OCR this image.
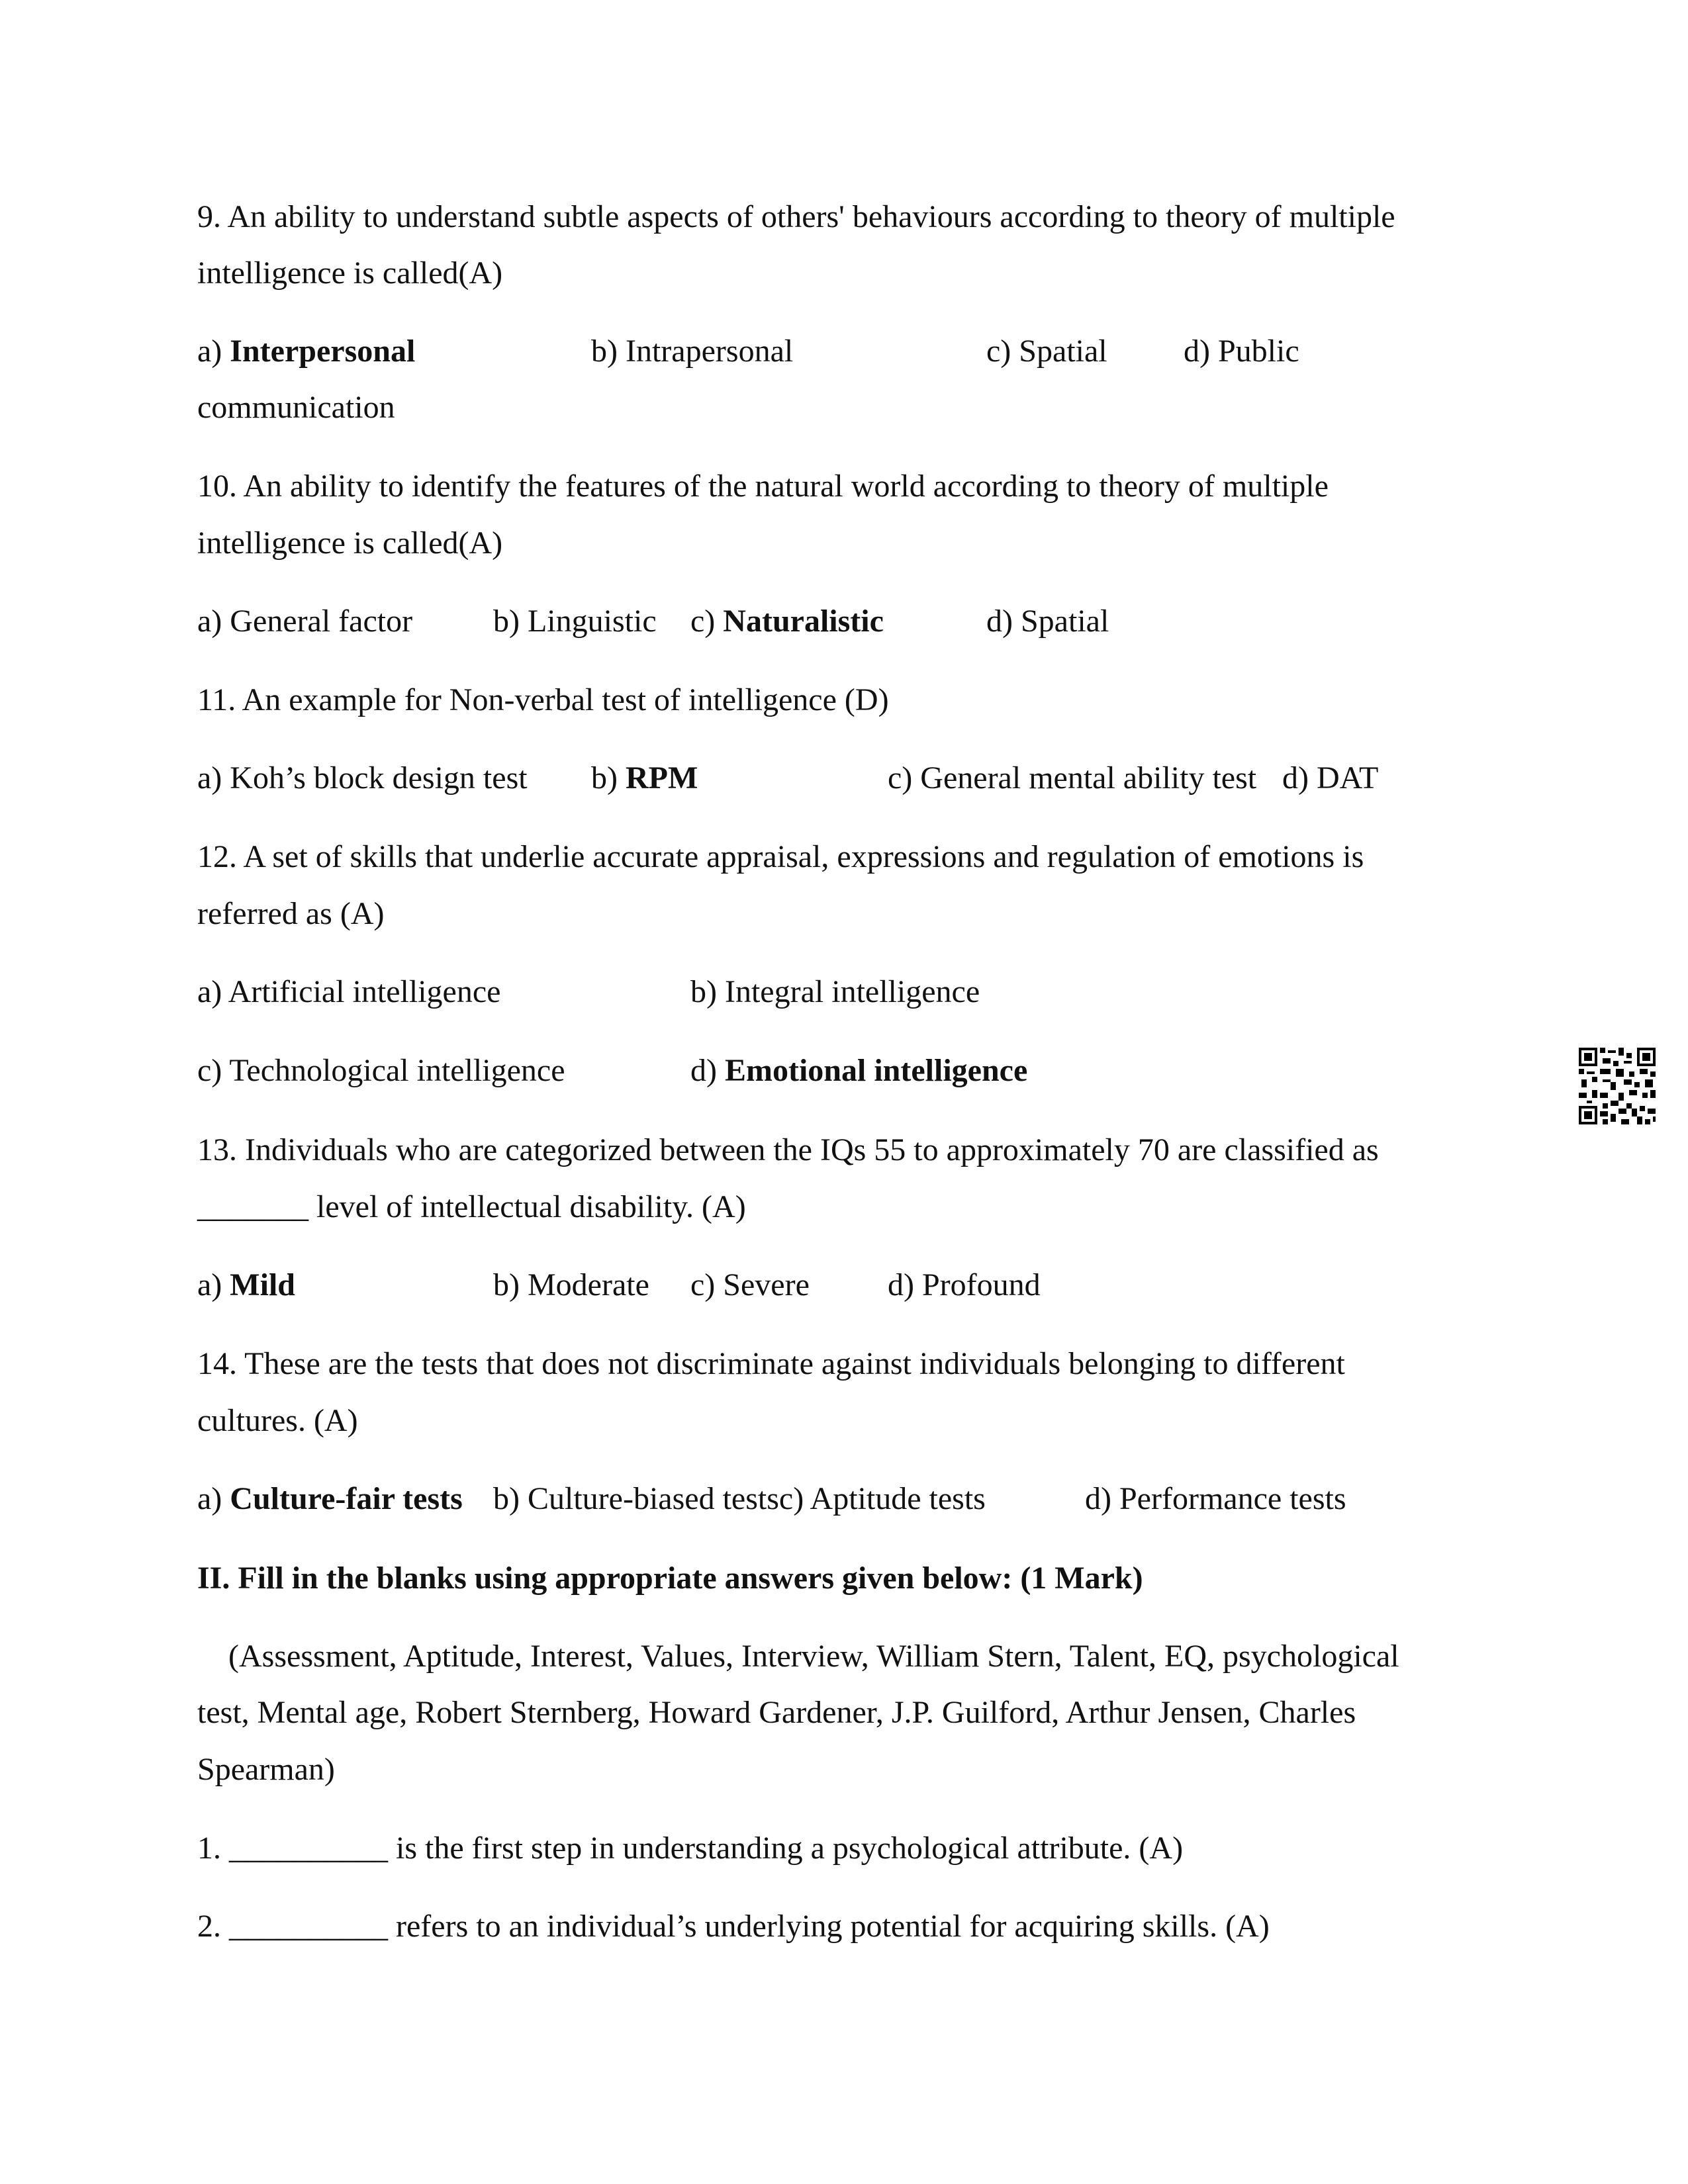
9. An ability to understand subtle aspects of others' behaviours according to theory of multiple
intelligence is called(A)
a) Interpersonal	b) Intrapersonal	c) Spatial d) Public
communication
10. An ability to identify the features of the natural world according to theory of multiple
intelligence is called(A)
a) General factor	b) Linguistic c) Naturalistic	d) Spatial
11. An example for Non-verbal test of intelligence (D)
a) Koh’s block design test b) RPM	c) General mental ability test d) DAT
12. A set of skills that underlie accurate appraisal, expressions and regulation of emotions is
referred as (A)
a) Artificial intelligence	b) Integral intelligence
c) Technological intelligence	d) Emotional intelligence
13. Individuals who are categorized between the IQs 55 to approximately 70 are classified as
_______ level of intellectual disability. (A)
a) Mild	b) Moderate c) Severe d) Profound
14. These are the tests that does not discriminate against individuals belonging to different
cultures. (A)
a) Culture-fair tests b) Culture-biased testsc) Aptitude tests	d) Performance tests
II. Fill in the blanks using appropriate answers given below: (1 Mark)
(Assessment, Aptitude, Interest, Values, Interview, William Stern, Talent, EQ, psychological
test, Mental age, Robert Sternberg, Howard Gardener, J.P. Guilford, Arthur Jensen, Charles
Spearman)
1. __________ is the first step in understanding a psychological attribute. (A)
2. __________ refers to an individual’s underlying potential for acquiring skills. (A)
